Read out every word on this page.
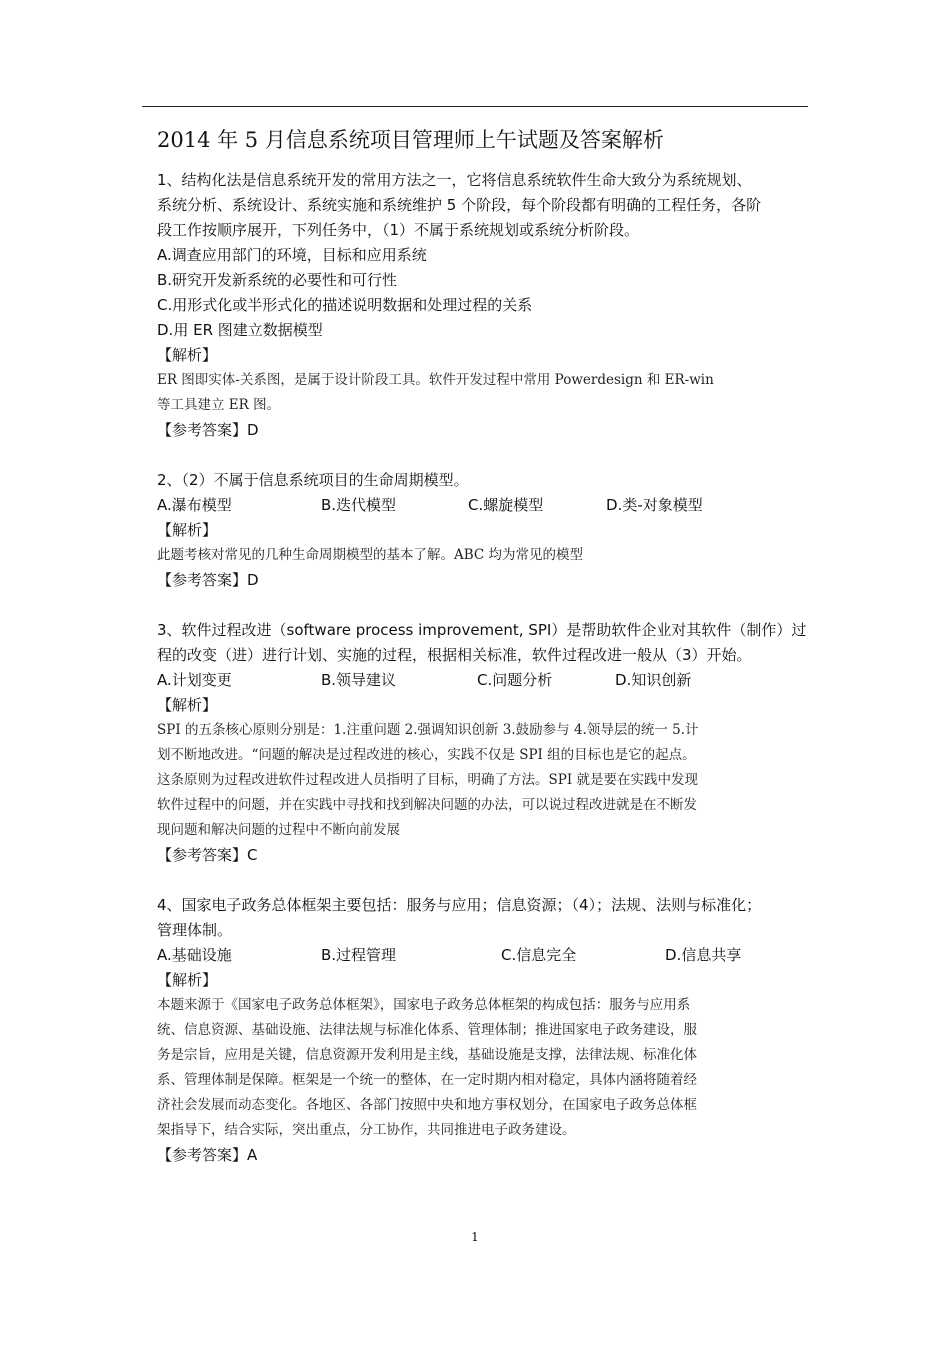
2014 年 5 月信息系统项目管理师上午试题及答案解析
1、结构化法是信息系统开发的常用方法之一，它将信息系统软件生命大致分为系统规划、
系统分析、系统设计、系统实施和系统维护 5 个阶段，每个阶段都有明确的工程任务，各阶
段工作按顺序展开，下列任务中，（1）不属于系统规划或系统分析阶段。
A.调查应用部门的环境，目标和应用系统
B.研究开发新系统的必要性和可行性
C.用形式化或半形式化的描述说明数据和处理过程的关系
D.用 ER 图建立数据模型
【解析】
ER 图即实体-关系图，是属于设计阶段工具。软件开发过程中常用 Powerdesign 和 ER-win
等工具建立 ER 图。
【参考答案】D
2、（2）不属于信息系统项目的生命周期模型。
A.瀑布模型	B.迭代模型	C.螺旋模型	D.类-对象模型
【解析】
此题考核对常见的几种生命周期模型的基本了解。ABC 均为常见的模型
【参考答案】D
3、软件过程改进（software process improvement, SPI）是帮助软件企业对其软件（制作）过
程的改变（进）进行计划、实施的过程，根据相关标准，软件过程改进一般从（3）开始。
A.计划变更	B.领导建议	C.问题分析	D.知识创新
【解析】
SPI 的五条核心原则分别是：1.注重问题 2.强调知识创新 3.鼓励参与 4.领导层的统一 5.计
划不断地改进。“问题的解决是过程改进的核心，实践不仅是 SPI 组的目标也是它的起点。
这条原则为过程改进软件过程改进人员指明了目标，明确了方法。SPI 就是要在实践中发现
软件过程中的问题，并在实践中寻找和找到解决问题的办法，可以说过程改进就是在不断发
现问题和解决问题的过程中不断向前发展
【参考答案】C
4、国家电子政务总体框架主要包括：服务与应用；信息资源；（4）；法规、法则与标准化；
管理体制。
A.基础设施	B.过程管理	C.信息完全	D.信息共享
【解析】
本题来源于《国家电子政务总体框架》，国家电子政务总体框架的构成包括：服务与应用系
统、信息资源、基础设施、法律法规与标准化体系、管理体制；推进国家电子政务建设，服
务是宗旨，应用是关键，信息资源开发利用是主线，基础设施是支撑，法律法规、标准化体
系、管理体制是保障。框架是一个统一的整体，在一定时期内相对稳定，具体内涵将随着经
济社会发展而动态变化。各地区、各部门按照中央和地方事权划分，在国家电子政务总体框
架指导下，结合实际，突出重点，分工协作，共同推进电子政务建设。
【参考答案】A
1
